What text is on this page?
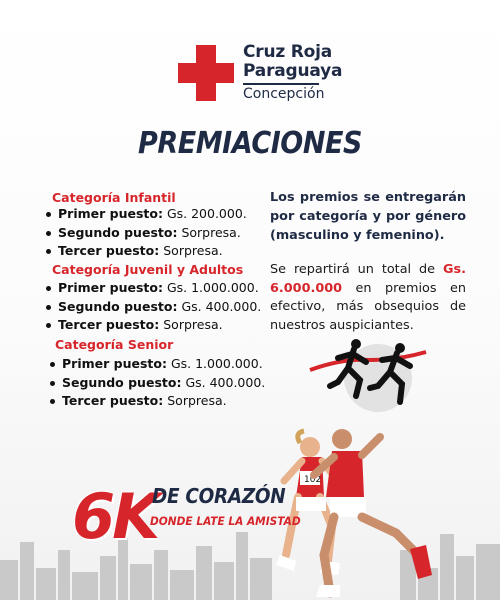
Cruz Roja
Paraguaya
Concepción
PREMIACIONES
Categoría Infantil
Primer puesto: Gs. 200.000.
Segundo puesto: Sorpresa.
Tercer puesto: Sorpresa.
Categoría Juvenil y Adultos
Primer puesto: Gs. 1.000.000.
Segundo puesto: Gs. 400.000.
Tercer puesto: Sorpresa.
Categoría Senior
Primer puesto: Gs. 1.000.000.
Segundo puesto: Gs. 400.000.
Tercer puesto: Sorpresa.
Los premios se entregarán por categoría y por género (masculino y femenino).
Se repartirá un total de Gs. 6.000.000 en premios en efectivo, más obsequios de nuestros auspiciantes.
102
6K
DE CORAZÓN
DONDE LATE LA AMISTAD
